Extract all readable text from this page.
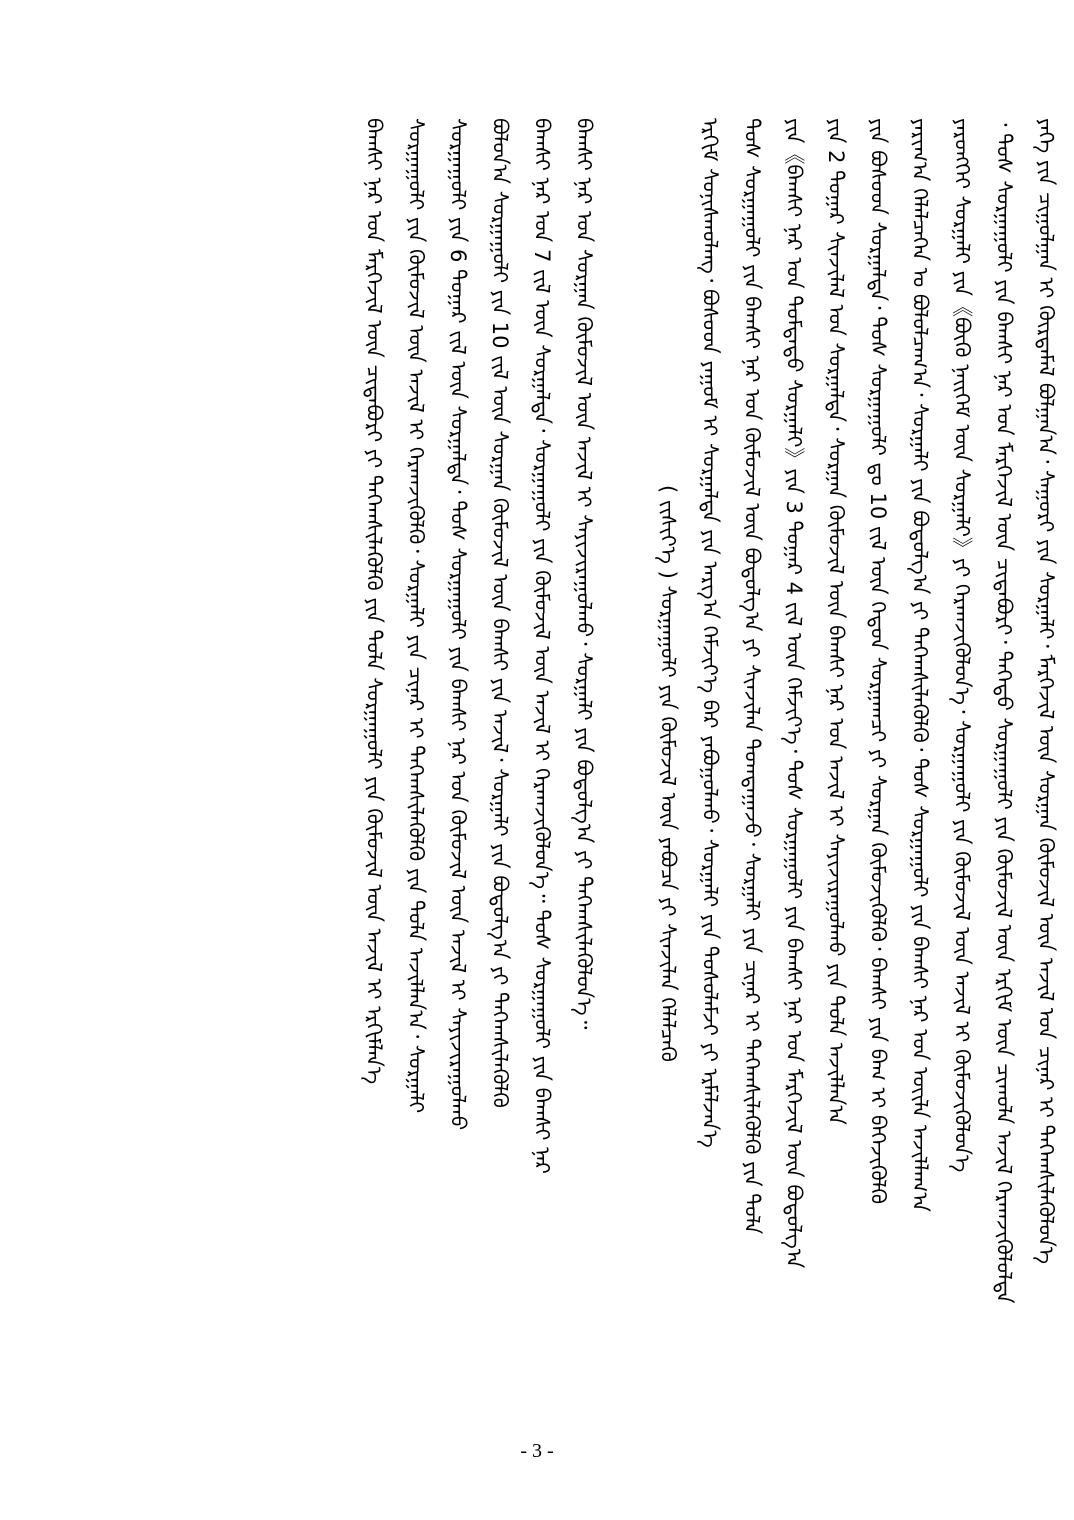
ᠶᠡᠬᠡ ᠶᠢᠨ ᠴᠢᠭᠤᠯᠭᠠᠨ ᠢ ᠬᠦᠷᠲᠡᠮᠡᠯ ᠪᠣᠯᠭᠠᠨ᠎ᠠ᠂ ᠰᠠᠭᠤᠷᠢ ᠶᠢᠨ ᠰᠤᠷᠭᠠᠯᠢ᠂ ᠮᠡᠷᠭᠡᠵᠢᠯ ᠦᠨ ᠰᠤᠷᠭᠠᠨ ᠬᠦᠮᠦᠵᠢᠯ ᠦᠨ ᠠᠵᠢᠯ ᠤᠨ ᠴᠢᠨᠠᠷ ᠢ ᠳᠡᠭᠡᠭ᠍ᠰᠢᠯᠡᠭᠦᠯᠦᠨ᠎ᠡ
᠂ ᠲᠤᠰ ᠰᠤᠷᠭᠠᠭᠤᠯᠢ ᠶᠢᠨ ᠪᠠᠭᠰᠢ ᠨᠠᠷ ᠤᠨ ᠮᠡᠷᠭᠡᠵᠢᠯ ᠦᠨ ᠴᠢᠳᠠᠪᠤᠷᠢ᠂ ᠳᠡᠭᠡᠳᠦ ᠰᠤᠷᠭᠠᠭᠤᠯᠢ ᠶᠢᠨ ᠬᠦᠮᠦᠵᠢᠯ ᠦᠨ ᠡᠷᠬᠢᠮ ᠦᠨ ᠴᠢᠬᠤᠯᠠ ᠠᠵᠢᠯ ᠬᠡᠷᠡᠭ᠍ᠵᠢᠭᠦᠯᠦᠯᠳᠡ
ᠶᠡᠷᠦᠩᠬᠡᠢ ᠰᠤᠷᠭᠠᠯᠢ ᠶᠢᠨ《ᠪᠦᠬᠦ ᠨᠡᠢᠭᠡᠮ ᠦᠨ ᠰᠤᠷᠭᠠᠯᠢ》ᠶᠢ ᠬᠡᠷᠡᠭ᠍ᠵᠢᠭᠦᠯᠦᠨ᠎ᠡ᠂ ᠰᠤᠷᠭᠠᠭᠤᠯᠢ ᠶᠢᠨ ᠬᠦᠮᠦᠵᠢᠯ ᠦᠨ ᠠᠵᠢᠯ ᠢ ᠬᠦᠮᠦᠵᠢᠭᠦᠯᠦᠨ᠎ᠡ
ᠶᠠᠷᠢᠭ᠎ᠠ ᠬᠡᠯᠡᠯᠴᠡᠭᠡᠨ ᠤ ᠪᠤᠯᠤᠯᠴᠠᠭ᠎ᠠ᠂ ᠰᠤᠷᠭᠠᠯᠢ ᠶᠢᠨ ᠪᠣᠳᠤᠯᠭ᠎ᠠ ᠶᠢ ᠳᠡᠭᠡᠭ᠍ᠰᠢᠯᠡᠭᠦᠯᠬᠦ᠂ ᠲᠤᠰ ᠰᠤᠷᠭᠠᠭᠤᠯᠢ ᠶᠢᠨ ᠪᠠᠭᠰᠢ ᠨᠠᠷ ᠤᠨ ᠦᠢᠯᠡ ᠠᠵᠢᠯᠯᠠᠭ᠎ᠠ
ᠶᠢᠨ ᠪᠤᠰᠤᠳ ᠰᠤᠷᠭᠠᠯᠲᠠ᠂ ᠲᠤᠰ ᠰᠤᠷᠭᠠᠭᠤᠯᠢ ᠳᠤ 10 ᠵᠢᠯ ᠦᠨ ᠬᠡᠳᠦᠨ ᠰᠤᠷᠭᠠᠭᠴᠢ ᠶᠢ ᠰᠤᠷᠭᠠᠨ ᠬᠦᠮᠦᠵᠢᠭᠦᠯᠬᠦ᠂ ᠪᠠᠭᠰᠢ ᠶᠢᠨ ᠪᠠᠭ ᠢ ᠪᠡᠬᠡᠵᠢᠭᠦᠯᠬᠦ
ᠶᠢᠨ 2 ᠳᠤᠭᠠᠷ ᠰᠢᠨᠵᠢᠯᠡᠯ ᠤᠨ ᠰᠤᠷᠭᠠᠯᠲᠠ᠂ ᠰᠤᠷᠭᠠᠨ ᠬᠦᠮᠦᠵᠢᠯ ᠦᠨ ᠪᠠᠭᠰᠢ ᠨᠠᠷ ᠤᠨ ᠠᠵᠢᠯ ᠢ ᠰᠠᠶᠢᠵᠢᠷᠠᠭᠤᠯᠬᠤ ᠶᠢᠨ ᠲᠤᠯᠠ ᠠᠵᠢᠯᠯᠠᠨ᠎ᠠ
ᠶᠢᠨ《ᠪᠠᠭᠰᠢ ᠨᠠᠷ ᠤᠨ ᠳᠤᠮᠳᠠᠳᠤ ᠰᠤᠷᠭᠠᠯᠢ》ᠶᠢᠨ 3 ᠳᠤᠭᠠᠷ 4 ᠵᠢᠯ ᠦᠨ ᠬᠡᠮᠵᠢᠶ᠎ᠡ᠂ ᠲᠤᠰ ᠰᠤᠷᠭᠠᠭᠤᠯᠢ ᠶᠢᠨ ᠪᠠᠭᠰᠢ ᠨᠠᠷ ᠤᠨ ᠮᠡᠷᠭᠡᠵᠢᠯ ᠦᠨ ᠪᠣᠳᠤᠯᠭ᠎ᠠ
ᠲᠤᠰ ᠰᠤᠷᠭᠠᠭᠤᠯᠢ ᠶᠢᠨ ᠪᠠᠭᠰᠢ ᠨᠠᠷ ᠤᠨ ᠬᠦᠮᠦᠵᠢᠯ ᠦᠨ ᠪᠣᠳᠤᠯᠭ᠎ᠠ ᠶᠢ ᠰᠢᠨᠵᠢᠯᠡᠨ ᠲᠣᠭᠲᠠᠭᠠᠵᠤ᠂ ᠰᠤᠷᠭᠠᠯᠢ ᠶᠢᠨ ᠴᠢᠨᠠᠷ ᠢ ᠳᠡᠭᠡᠭ᠍ᠰᠢᠯᠡᠭᠦᠯᠬᠦ ᠶᠢᠨ ᠲᠤᠯᠠ
ᠡᠷᠬᠢᠮ ᠰᠣᠨᠢᠰᠬᠤᠯᠠᠩ᠂ ᠪᠤᠰᠤᠳ ᠶᠠᠭᠤᠮ ᠢ ᠰᠤᠷᠭᠠᠯᠲᠠ ᠶᠢᠨ ᠠᠷᠭ᠎ᠠ ᠬᠡᠮᠵᠢᠶ᠎ᠡ ᠪᠡᠷ ᠶᠠᠪᠤᠭᠤᠯᠬᠤ᠂ ᠰᠤᠷᠭᠠᠯᠢ ᠶᠢᠨ ᠲᠤᠰᠤᠯᠠᠮᠵᠢ ᠶᠢ ᠡᠷᠮᠡᠯᠵᠡᠨ᠎ᠡ
( ᠵᠢᠱᠢᠶ᠎ᠡ ) ᠰᠤᠷᠭᠠᠭᠤᠯᠢ ᠶᠢᠨ ᠬᠦᠮᠦᠵᠢᠯ ᠦᠨ ᠶᠠᠪᠤᠴᠠ ᠶᠢ ᠰᠢᠨᠵᠢᠯᠡᠨ ᠬᠡᠯᠡᠯᠴᠡᠬᠦ
ᠪᠠᠭᠰᠢ ᠨᠠᠷ ᠤᠨ ᠰᠤᠷᠭᠠᠨ ᠬᠦᠮᠦᠵᠢᠯ ᠦᠨ ᠠᠵᠢᠯ ᠢ ᠰᠠᠶᠢᠵᠢᠷᠠᠭᠤᠯᠬᠤ᠂ ᠰᠤᠷᠭᠠᠯᠢ ᠶᠢᠨ ᠪᠣᠳᠤᠯᠭ᠎ᠠ ᠶᠢ ᠳᠡᠭᠡᠭ᠍ᠰᠢᠯᠡᠭᠦᠯᠦᠨ᠎ᠡ᠃
ᠪᠠᠭᠰᠢ ᠨᠠᠷ ᠤᠨ 7 ᠵᠢᠯ ᠦᠨ ᠰᠤᠷᠭᠠᠯᠲᠠ᠂ ᠰᠤᠷᠭᠠᠭᠤᠯᠢ ᠶᠢᠨ ᠬᠦᠮᠦᠵᠢᠯ ᠦᠨ ᠠᠵᠢᠯ ᠢ ᠬᠡᠷᠡᠭ᠍ᠵᠢᠭᠦᠯᠦᠨ᠎ᠡ᠃ ᠲᠤᠰ ᠰᠤᠷᠭᠠᠭᠤᠯᠢ ᠶᠢᠨ ᠪᠠᠭᠰᠢ ᠨᠠᠷ
ᠪᠣᠯᠤᠨ᠎ᠠ ᠰᠤᠷᠭᠠᠭᠤᠯᠢ ᠶᠢᠨ 10 ᠵᠢᠯ ᠦᠨ ᠰᠤᠷᠭᠠᠨ ᠬᠦᠮᠦᠵᠢᠯ ᠦᠨ ᠪᠠᠭᠰᠢ ᠶᠢᠨ ᠠᠵᠢᠯ᠂ ᠰᠤᠷᠭᠠᠯᠢ ᠶᠢᠨ ᠪᠣᠳᠤᠯᠭ᠎ᠠ ᠶᠢ ᠳᠡᠭᠡᠭ᠍ᠰᠢᠯᠡᠭᠦᠯᠬᠦ
ᠰᠤᠷᠭᠠᠭᠤᠯᠢ ᠶᠢᠨ 6 ᠳᠤᠭᠠᠷ ᠵᠢᠯ ᠦᠨ ᠰᠤᠷᠭᠠᠯᠲᠠ᠂ ᠲᠤᠰ ᠰᠤᠷᠭᠠᠭᠤᠯᠢ ᠶᠢᠨ ᠪᠠᠭᠰᠢ ᠨᠠᠷ ᠤᠨ ᠬᠦᠮᠦᠵᠢᠯ ᠦᠨ ᠠᠵᠢᠯ ᠢ ᠰᠠᠶᠢᠵᠢᠷᠠᠭᠤᠯᠬᠤ
ᠰᠤᠷᠭᠠᠭᠤᠯᠢ ᠶᠢᠨ ᠬᠦᠮᠦᠵᠢᠯ ᠦᠨ ᠠᠵᠢᠯ ᠢ ᠬᠡᠷᠡᠭ᠍ᠵᠢᠭᠦᠯᠬᠦ᠂ ᠰᠤᠷᠭᠠᠯᠢ ᠶᠢᠨ ᠴᠢᠨᠠᠷ ᠢ ᠳᠡᠭᠡᠭ᠍ᠰᠢᠯᠡᠭᠦᠯᠬᠦ ᠶᠢᠨ ᠲᠤᠯᠠ ᠠᠵᠢᠯᠯᠠᠨ᠎ᠠ᠂ ᠰᠤᠷᠭᠠᠯᠢ
ᠪᠠᠭᠰᠢ ᠨᠠᠷ ᠤᠨ ᠮᠡᠷᠭᠡᠵᠢᠯ ᠦᠨ ᠴᠢᠳᠠᠪᠤᠷᠢ ᠶᠢ ᠳᠡᠭᠡᠭ᠍ᠰᠢᠯᠡᠭᠦᠯᠬᠦ ᠶᠢᠨ ᠲᠤᠯᠠ ᠰᠤᠷᠭᠠᠭᠤᠯᠢ ᠶᠢᠨ ᠬᠦᠮᠦᠵᠢᠯ ᠦᠨ ᠠᠵᠢᠯ ᠢ ᠡᠷᠬᠢᠮᠯᠡᠨ᠎ᠡ
- 3 -
